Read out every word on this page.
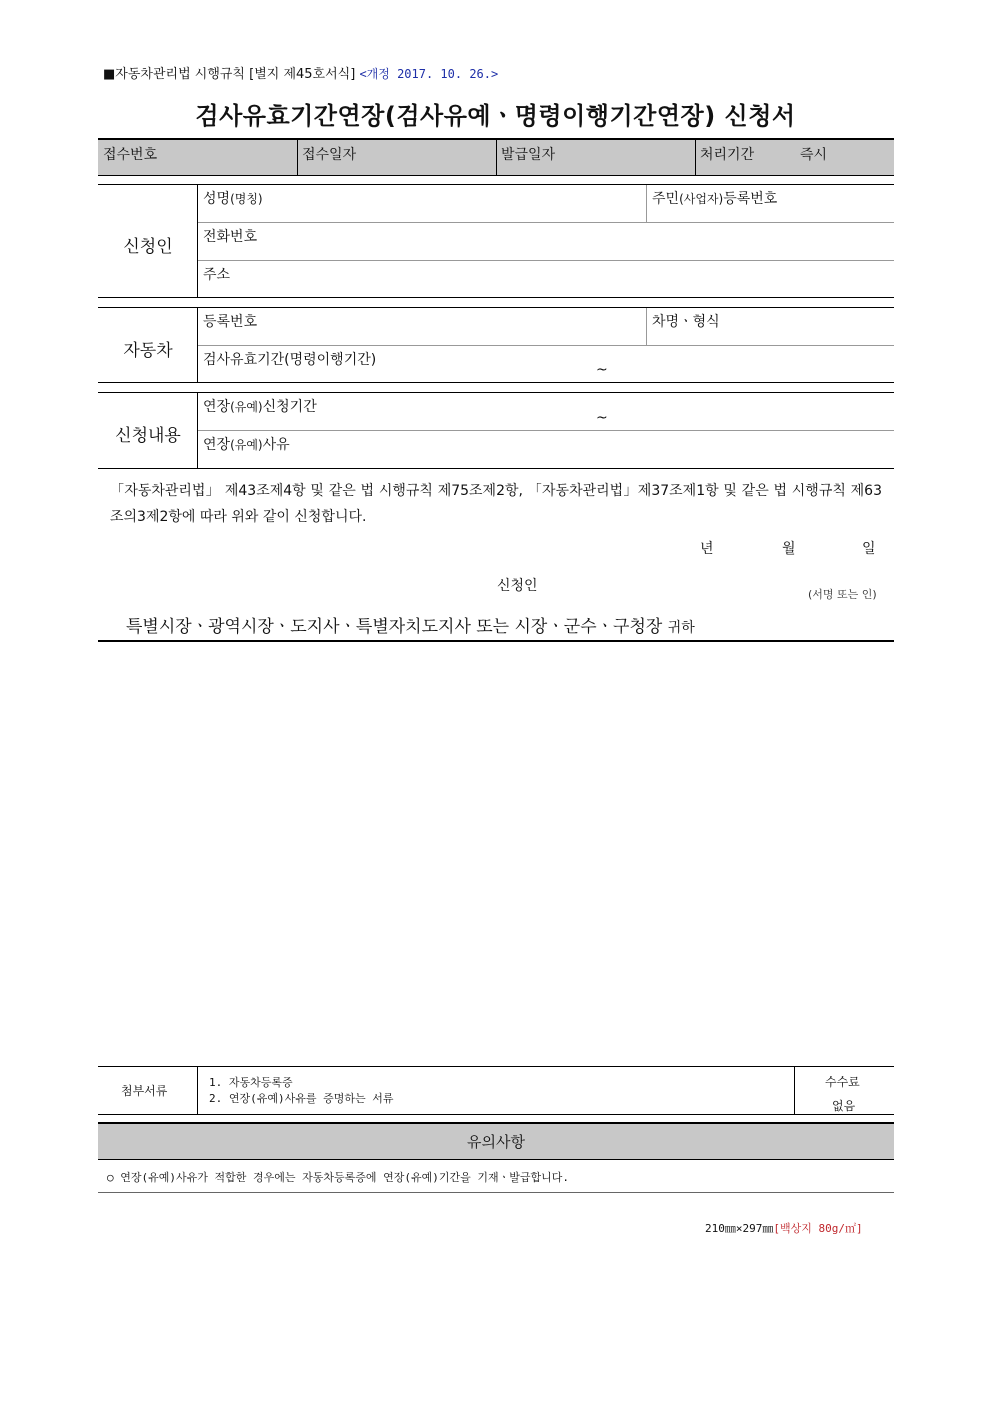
■자동차관리법 시행규칙 [별지 제45호서식] <개정 2017. 10. 26.>
검사유효기간연장(검사유예ㆍ명령이행기간연장) 신청서
접수번호	접수일자	발급일자	처리기간	즉시
신청인
성명(명칭)	주민(사업자)등록번호
전화번호
주소
자동차
등록번호	차명ㆍ형식
검사유효기간(명령이행기간)
~
신청내용
연장(유예)신청기간
~
연장(유예)사유
「자동차관리법」 제43조제4항 및 같은 법 시행규칙 제75조제2항, 「자동차관리법」제37조제1항 및 같은 법 시행규칙 제63조의3제2항에 따라 위와 같이 신청합니다.
년	월	일
신청인
(서명 또는 인)
특별시장ㆍ광역시장ㆍ도지사ㆍ특별자치도지사 또는 시장ㆍ군수ㆍ구청장 귀하
첨부서류
1. 자동차등록증
2. 연장(유예)사유를 증명하는 서류
수수료
없음
유의사항
○ 연장(유예)사유가 적합한 경우에는 자동차등록증에 연장(유예)기간을 기재ㆍ발급합니다.
210㎜×297㎜[백상지 80g/㎡]
